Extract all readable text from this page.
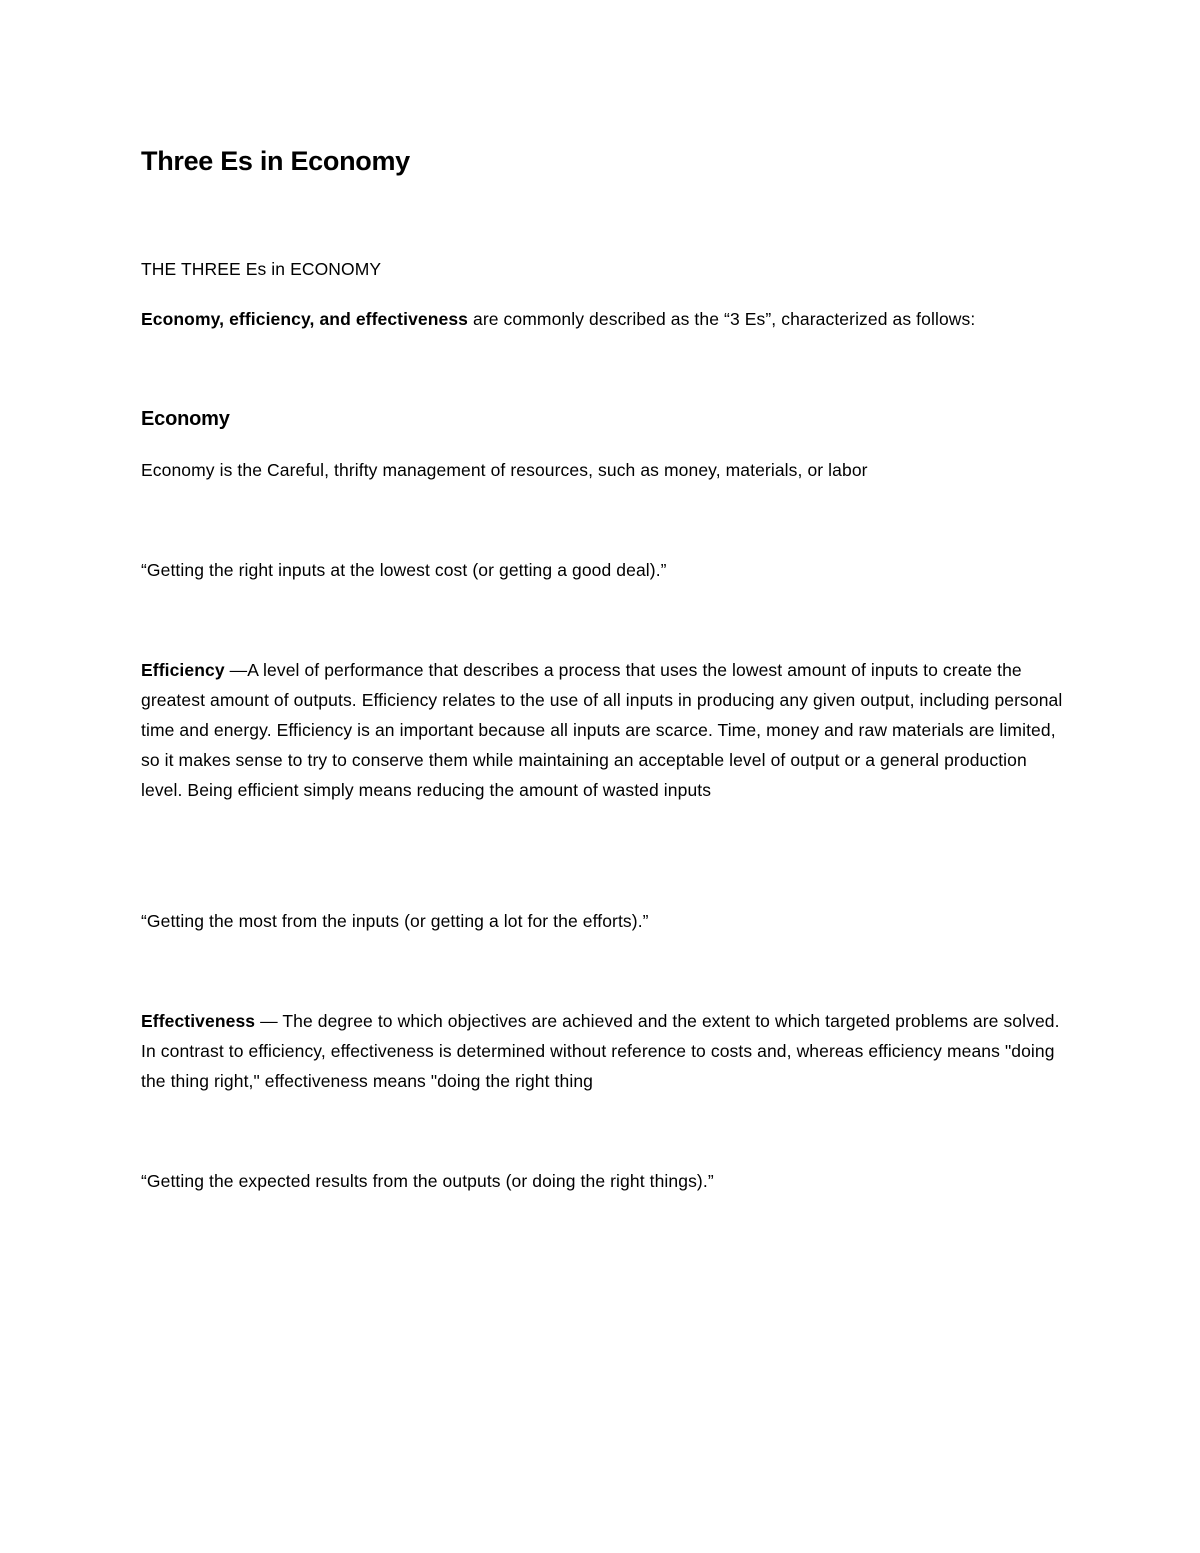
Three Es in Economy

THE THREE Es in ECONOMY

Economy, efficiency, and effectiveness are commonly described as the “3 Es”, characterized as follows:

Economy

Economy is the Careful, thrifty management of resources, such as money, materials, or labor

“Getting the right inputs at the lowest cost (or getting a good deal).”

Efficiency —A level of performance that describes a process that uses the lowest amount of inputs to create the greatest amount of outputs. Efficiency relates to the use of all inputs in producing any given output, including personal time and energy. Efficiency is an important because all inputs are scarce. Time, money and raw materials are limited, so it makes sense to try to conserve them while maintaining an acceptable level of output or a general production level. Being efficient simply means reducing the amount of wasted inputs

“Getting the most from the inputs (or getting a lot for the efforts).”

Effectiveness — The degree to which objectives are achieved and the extent to which targeted problems are solved. In contrast to efficiency, effectiveness is determined without reference to costs and, whereas efficiency means "doing the thing right," effectiveness means "doing the right thing

“Getting the expected results from the outputs (or doing the right things).”
